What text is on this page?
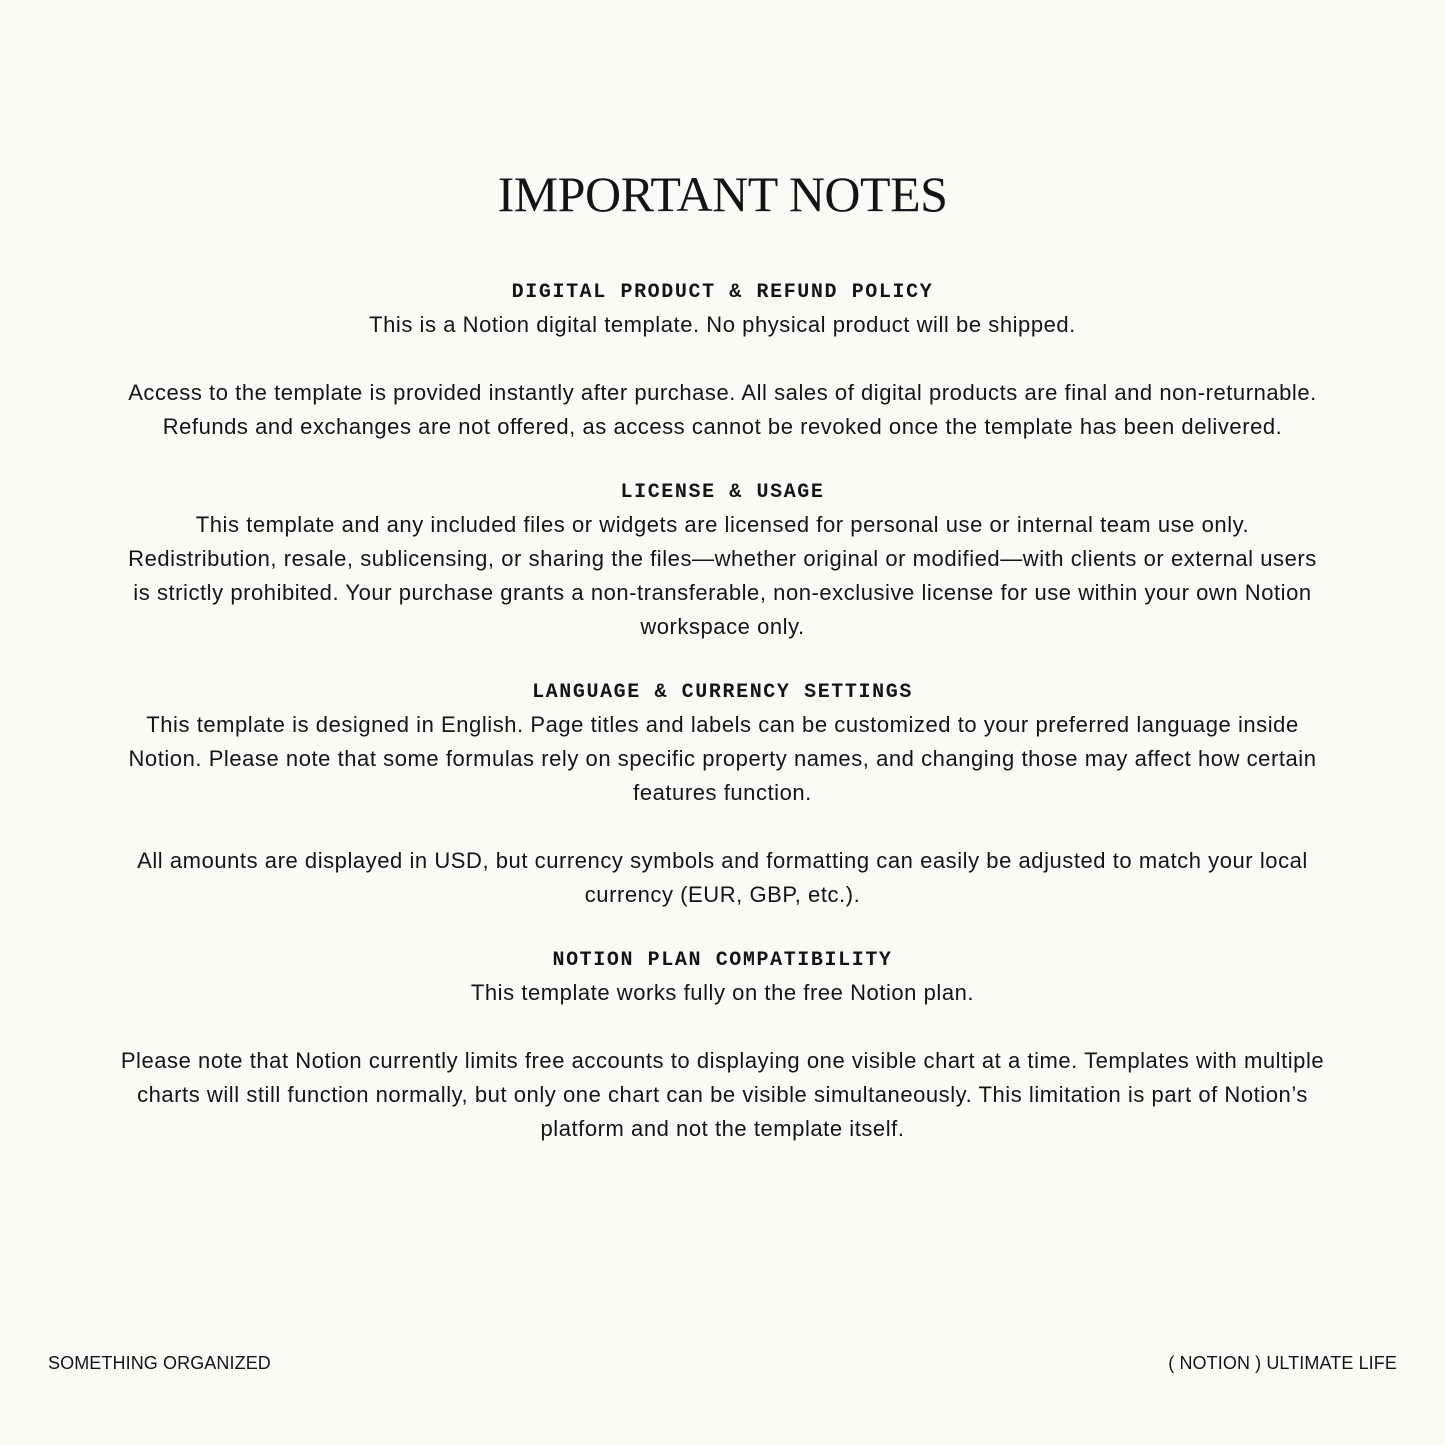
IMPORTANT NOTES
DIGITAL PRODUCT & REFUND POLICY

This is a Notion digital template. No physical product will be shipped.

Access to the template is provided instantly after purchase. All sales of digital products are final and non-returnable. Refunds and exchanges are not offered, as access cannot be revoked once the template has been delivered.

LICENSE & USAGE

This template and any included files or widgets are licensed for personal use or internal team use only. Redistribution, resale, sublicensing, or sharing the files—whether original or modified—with clients or external users is strictly prohibited. Your purchase grants a non-transferable, non-exclusive license for use within your own Notion workspace only.

LANGUAGE & CURRENCY SETTINGS

This template is designed in English. Page titles and labels can be customized to your preferred language inside Notion. Please note that some formulas rely on specific property names, and changing those may affect how certain features function.

All amounts are displayed in USD, but currency symbols and formatting can easily be adjusted to match your local currency (EUR, GBP, etc.).

NOTION PLAN COMPATIBILITY

This template works fully on the free Notion plan.

Please note that Notion currently limits free accounts to displaying one visible chart at a time. Templates with multiple charts will still function normally, but only one chart can be visible simultaneously. This limitation is part of Notion’s platform and not the template itself.

SOMETHING ORGANIZED	( NOTION ) ULTIMATE LIFE
